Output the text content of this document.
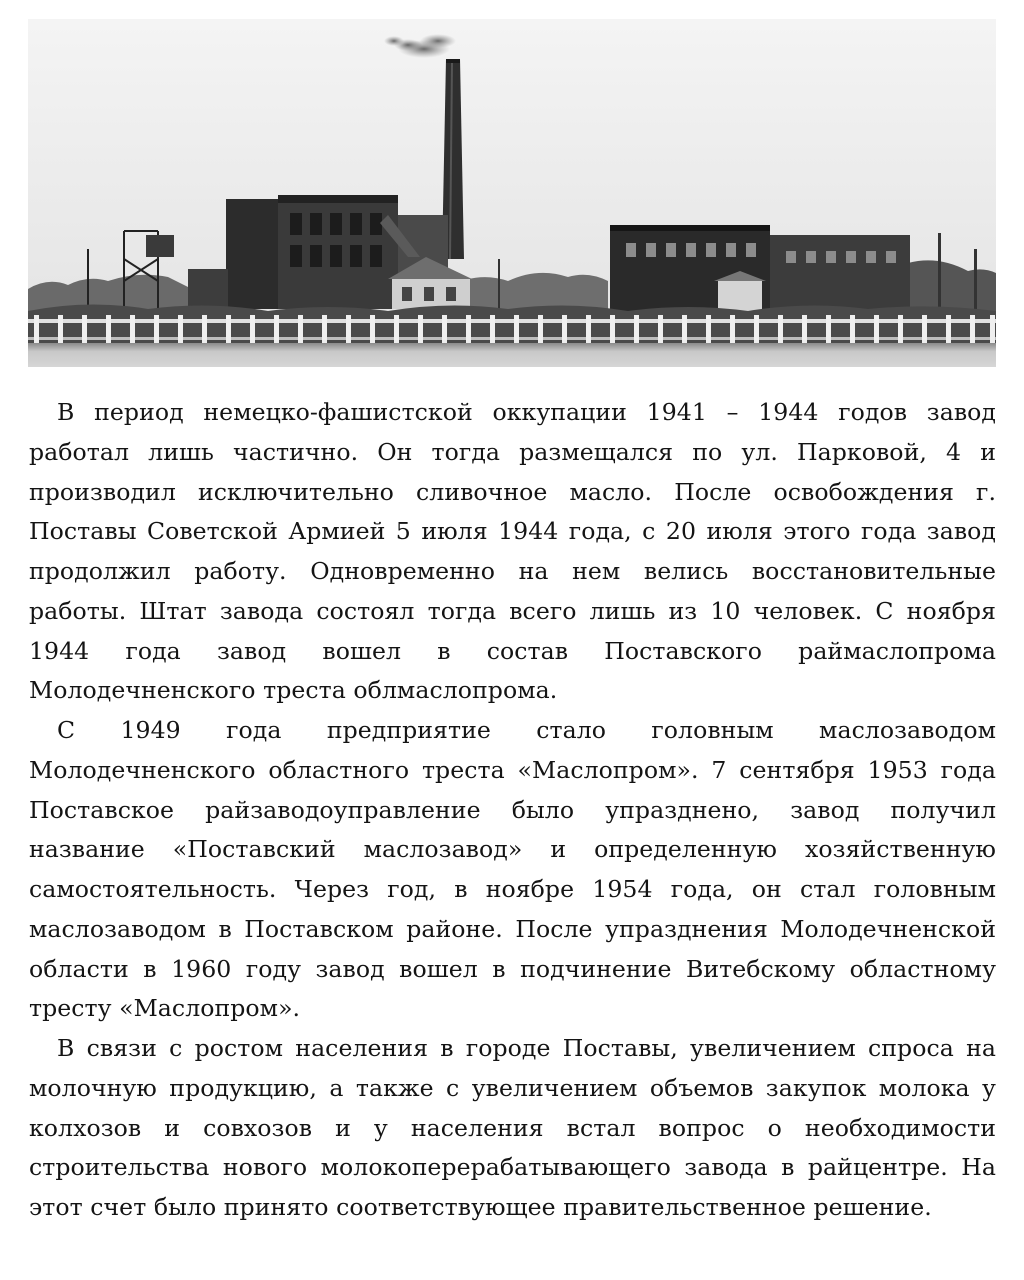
В период немецко-фашистской оккупации 1941 – 1944 годов завод работал лишь частично. Он тогда размещался по ул. Парковой, 4 и производил исключительно сливочное масло. После освобождения г. Поставы Советской Армией 5 июля 1944 года, с 20 июля этого года завод продолжил работу. Одновременно на нем велись восстановительные работы. Штат завода состоял тогда всего лишь из 10 человек. С ноября 1944 года завод вошел в состав Поставского раймаслопрома Молодечненского треста облмаслопрома.

С 1949 года предприятие стало головным маслозаводом Молодечненского областного треста «Маслопром». 7 сентября 1953 года Поставское райзаводоуправление было упразднено, завод получил название «Поставский маслозавод» и определенную хозяйственную самостоятельность. Через год, в ноябре 1954 года, он стал головным маслозаводом в Поставском районе. После упразднения Молодечненской области в 1960 году завод вошел в подчинение Витебскому областному тресту «Маслопром».

В связи с ростом населения в городе Поставы, увеличением спроса на молочную продукцию, а также с увеличением объемов закупок молока у колхозов и совхозов и у населения встал вопрос о необходимости строительства нового молокоперерабатывающего завода в райцентре. На этот счет было принято соответствующее правительственное решение.
